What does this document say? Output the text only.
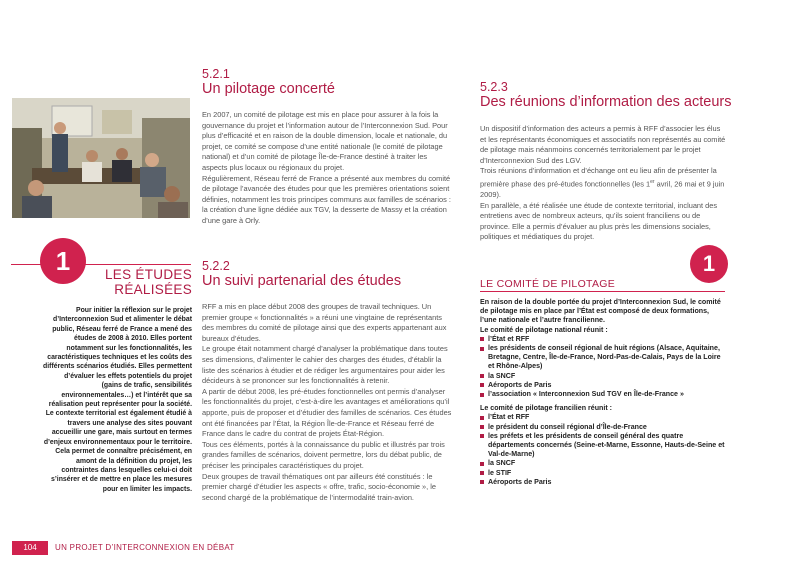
1	LES ÉTUDES
RÉALISÉES
Pour initier la réflexion sur le projet d’Interconnexion Sud et alimenter le débat public, Réseau ferré de France a mené des études de 2008 à 2010. Elles portent notamment sur les fonctionnalités, les caractéristiques techniques et les coûts des différents scénarios étudiés. Elles permettent d’évaluer les effets potentiels du projet (gains de trafic, sensibilités environnementales…) et l’intérêt que sa réalisation peut représenter pour la société. Le contexte territorial est également étudié à travers une analyse des sites pouvant accueillir une gare, mais surtout en termes d’enjeux environnementaux pour le territoire. Cela permet de connaître précisément, en amont de la définition du projet, les contraintes dans lesquelles celui-ci doit s’insérer et de mettre en place les mesures pour en limiter les impacts.
5.2.1
Un pilotage concerté

En 2007, un comité de pilotage est mis en place pour assurer à la fois la gouvernance du projet et l’information autour de l’Interconnexion Sud. Pour plus d’efficacité et en raison de la double dimension, locale et nationale, du projet, ce comité se compose d’une entité nationale (le comité de pilotage national) et d’un comité de pilotage Île-de-France destiné à traiter les aspects plus locaux ou régionaux du projet.

Régulièrement, Réseau ferré de France a présenté aux membres du comité de pilotage l’avancée des études pour que les premières orientations soient définies, notamment les trois principes communs aux familles de scénarios : la création d’une ligne dédiée aux TGV, la desserte de Massy et la création d’une gare à Orly.

5.2.2
Un suivi partenarial des études

RFF a mis en place début 2008 des groupes de travail techniques. Un premier groupe « fonctionnalités » a réuni une vingtaine de représentants des membres du comité de pilotage ainsi que des experts appartenant aux bureaux d’études.

Le groupe était notamment chargé d’analyser la problématique dans toutes ses dimensions, d’alimenter le cahier des charges des études, d’établir la liste des scénarios à étudier et de rédiger les argumentaires pour aider les décideurs à se prononcer sur les fonctionnalités à retenir.

A partir de début 2008, les pré-études fonctionnelles ont permis d’analyser les fonctionnalités du projet, c’est-à-dire les avantages et améliorations qu’il apporte, puis de proposer et d’étudier des familles de scénarios. Ces études ont été financées par l’État, la Région Île-de-France et Réseau ferré de France dans le cadre du contrat de projets État-Région.

Tous ces éléments, portés à la connaissance du public et illustrés par trois grandes familles de scénarios, doivent permettre, lors du débat public, de préciser les principales caractéristiques du projet.

Deux groupes de travail thématiques ont par ailleurs été constitués : le premier chargé d’étudier les aspects « offre, trafic, socio-économie », le second chargé de la problématique de l’intermodalité train-avion.

5.2.3
Des réunions d’information des acteurs

Un dispositif d’information des acteurs a permis à RFF d’associer les élus et les représentants économiques et associatifs non représentés au comité de pilotage mais néanmoins concernés territorialement par le projet d’Interconnexion Sud des LGV.

Trois réunions d’information et d’échange ont eu lieu afin de présenter la première phase des pré-études fonctionnelles (les 1er avril, 26 mai et 9 juin 2009).

En parallèle, a été réalisée une étude de contexte territorial, incluant des entretiens avec de nombreux acteurs, qu’ils soient franciliens ou de province. Elle a permis d’évaluer au plus près les dimensions sociales, politiques et médiatiques du projet.

1
LE COMITÉ DE PILOTAGE

En raison de la double portée du projet d’Interconnexion Sud, le comité de pilotage mis en place par l’État est composé de deux formations, l’une nationale et l’autre francilienne.

Le comité de pilotage national réunit :

l’État et RFF
les présidents de conseil régional de huit régions (Alsace, Aquitaine, Bretagne, Centre, Île-de-France, Nord-Pas-de-Calais, Pays de la Loire et Rhône-Alpes)
la SNCF
Aéroports de Paris
l’association « Interconnexion Sud TGV en Île-de-France »

Le comité de pilotage francilien réunit :

l’État et RFF
le président du conseil régional d’Île-de-France
les préfets et les présidents de conseil général des quatre départements concernés (Seine-et-Marne, Essonne, Hauts-de-Seine et Val-de-Marne)
la SNCF
le STIF
Aéroports de Paris
104	UN PROJET D’INTERCONNEXION EN DÉBAT
